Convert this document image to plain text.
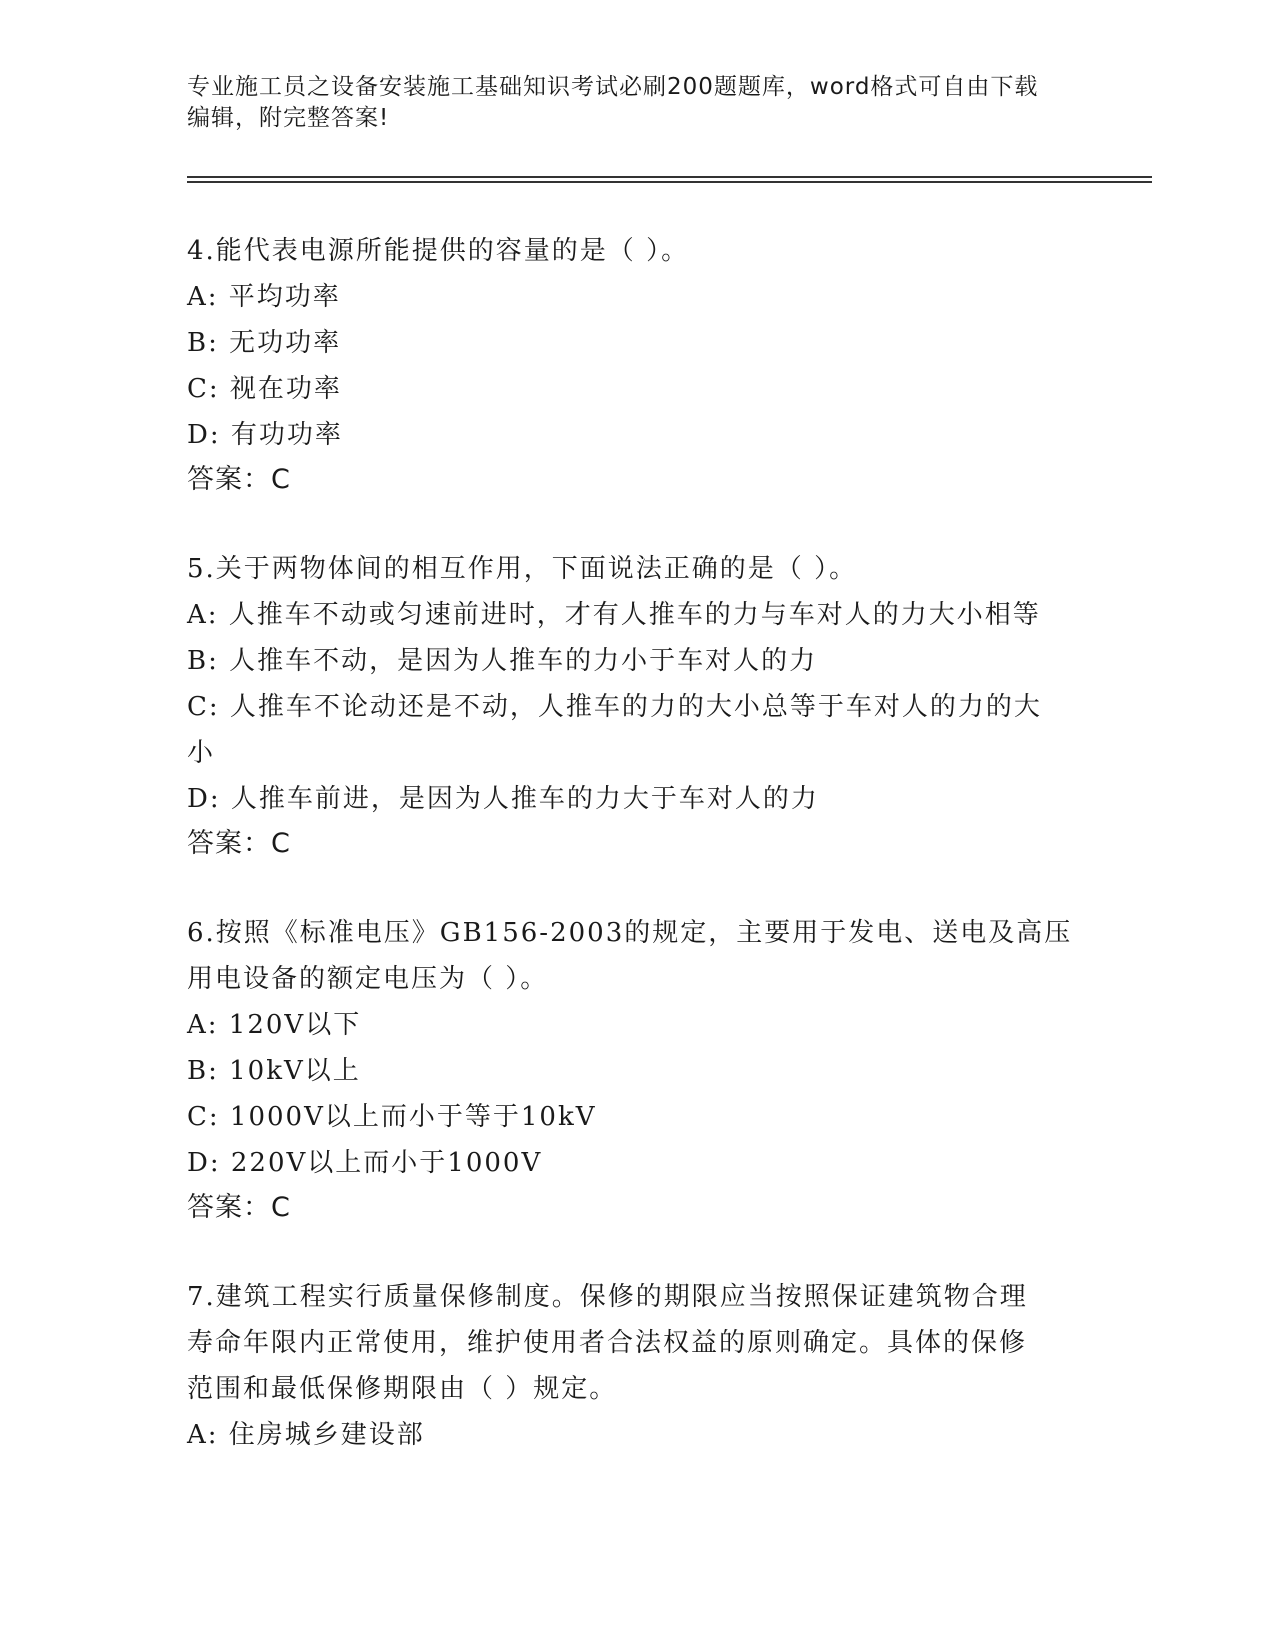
专业施工员之设备安装施工基础知识考试必刷200题题库，word格式可自由下载
编辑，附完整答案!
4.能代表电源所能提供的容量的是（ ）。
A: 平均功率
B: 无功功率
C: 视在功率
D: 有功功率
答案：C
5.关于两物体间的相互作用，下面说法正确的是（ ）。
A: 人推车不动或匀速前进时，才有人推车的力与车对人的力大小相等
B: 人推车不动，是因为人推车的力小于车对人的力
C: 人推车不论动还是不动，人推车的力的大小总等于车对人的力的大
小
D: 人推车前进，是因为人推车的力大于车对人的力
答案：C
6.按照《标准电压》GB156-2003的规定，主要用于发电、送电及高压
用电设备的额定电压为（ ）。
A: 120V以下
B: 10kV以上
C: 1000V以上而小于等于10kV
D: 220V以上而小于1000V
答案：C
7.建筑工程实行质量保修制度。保修的期限应当按照保证建筑物合理
寿命年限内正常使用，维护使用者合法权益的原则确定。具体的保修
范围和最低保修期限由（ ）规定。
A: 住房城乡建设部
